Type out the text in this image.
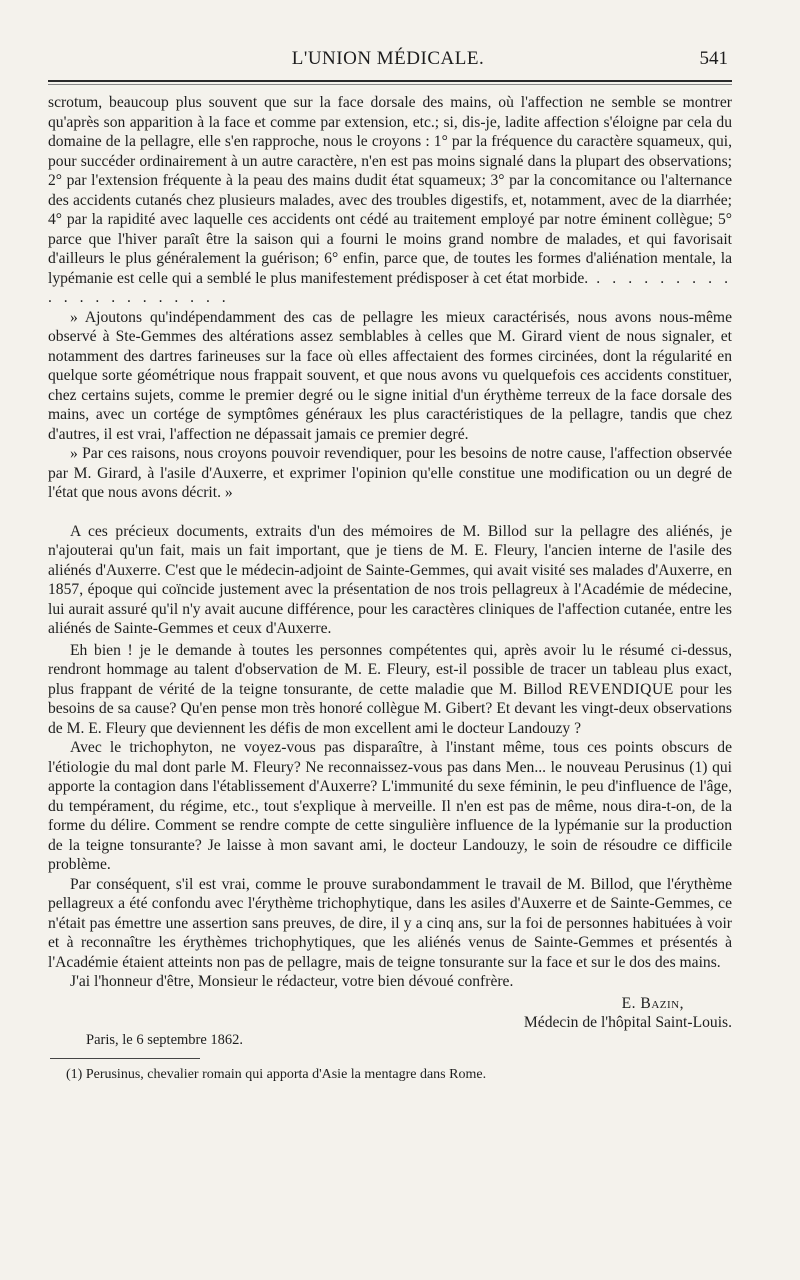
L'UNION MÉDICALE.	541

scrotum, beaucoup plus souvent que sur la face dorsale des mains, où l'affection ne semble se montrer qu'après son apparition à la face et comme par extension, etc.; si, dis-je, ladite affection s'éloigne par cela du domaine de la pellagre, elle s'en rapproche, nous le croyons : 1° par la fréquence du caractère squameux, qui, pour succéder ordinairement à un autre caractère, n'en est pas moins signalé dans la plupart des observations; 2° par l'extension fréquente à la peau des mains dudit état squameux; 3° par la concomitance ou l'alternance des accidents cutanés chez plusieurs malades, avec des troubles digestifs, et, notamment, avec de la diarrhée; 4° par la rapidité avec laquelle ces accidents ont cédé au traitement employé par notre éminent collègue; 5° parce que l'hiver paraît être la saison qui a fourni le moins grand nombre de malades, et qui favorisait d'ailleurs le plus généralement la guérison; 6° enfin, parce que, de toutes les formes d'aliénation mentale, la lypémanie est celle qui a semblé le plus manifestement prédisposer à cet état morbide. . . . . . . . . . . . . . . . . . . . . .

» Ajoutons qu'indépendamment des cas de pellagre les mieux caractérisés, nous avons nous-même observé à Ste-Gemmes des altérations assez semblables à celles que M. Girard vient de nous signaler, et notamment des dartres farineuses sur la face où elles affectaient des formes circinées, dont la régularité en quelque sorte géométrique nous frappait souvent, et que nous avons vu quelquefois ces accidents constituer, chez certains sujets, comme le premier degré ou le signe initial d'un érythème terreux de la face dorsale des mains, avec un cortége de symptômes généraux les plus caractéristiques de la pellagre, tandis que chez d'autres, il est vrai, l'affection ne dépassait jamais ce premier degré.

» Par ces raisons, nous croyons pouvoir revendiquer, pour les besoins de notre cause, l'affection observée par M. Girard, à l'asile d'Auxerre, et exprimer l'opinion qu'elle constitue une modification ou un degré de l'état que nous avons décrit. »

A ces précieux documents, extraits d'un des mémoires de M. Billod sur la pellagre des aliénés, je n'ajouterai qu'un fait, mais un fait important, que je tiens de M. E. Fleury, l'ancien interne de l'asile des aliénés d'Auxerre. C'est que le médecin-adjoint de Sainte-Gemmes, qui avait visité ses malades d'Auxerre, en 1857, époque qui coïncide justement avec la présentation de nos trois pellagreux à l'Académie de médecine, lui aurait assuré qu'il n'y avait aucune différence, pour les caractères cliniques de l'affection cutanée, entre les aliénés de Sainte-Gemmes et ceux d'Auxerre.

Eh bien ! je le demande à toutes les personnes compétentes qui, après avoir lu le résumé ci-dessus, rendront hommage au talent d'observation de M. E. Fleury, est-il possible de tracer un tableau plus exact, plus frappant de vérité de la teigne tonsurante, de cette maladie que M. Billod REVENDIQUE pour les besoins de sa cause? Qu'en pense mon très honoré collègue M. Gibert? Et devant les vingt-deux observations de M. E. Fleury que deviennent les défis de mon excellent ami le docteur Landouzy ?

Avec le trichophyton, ne voyez-vous pas disparaître, à l'instant même, tous ces points obscurs de l'étiologie du mal dont parle M. Fleury? Ne reconnaissez-vous pas dans Men... le nouveau Perusinus (1) qui apporte la contagion dans l'établissement d'Auxerre? L'immunité du sexe féminin, le peu d'influence de l'âge, du tempérament, du régime, etc., tout s'explique à merveille. Il n'en est pas de même, nous dira-t-on, de la forme du délire. Comment se rendre compte de cette singulière influence de la lypémanie sur la production de la teigne tonsurante? Je laisse à mon savant ami, le docteur Landouzy, le soin de résoudre ce difficile problème.

Par conséquent, s'il est vrai, comme le prouve surabondamment le travail de M. Billod, que l'érythème pellagreux a été confondu avec l'érythème trichophytique, dans les asiles d'Auxerre et de Sainte-Gemmes, ce n'était pas émettre une assertion sans preuves, de dire, il y a cinq ans, sur la foi de personnes habituées à voir et à reconnaître les érythèmes trichophytiques, que les aliénés venus de Sainte-Gemmes et présentés à l'Académie étaient atteints non pas de pellagre, mais de teigne tonsurante sur la face et sur le dos des mains.

J'ai l'honneur d'être, Monsieur le rédacteur, votre bien dévoué confrère.

E. Bazin,
Médecin de l'hôpital Saint-Louis.
Paris, le 6 septembre 1862.
(1) Perusinus, chevalier romain qui apporta d'Asie la mentagre dans Rome.
